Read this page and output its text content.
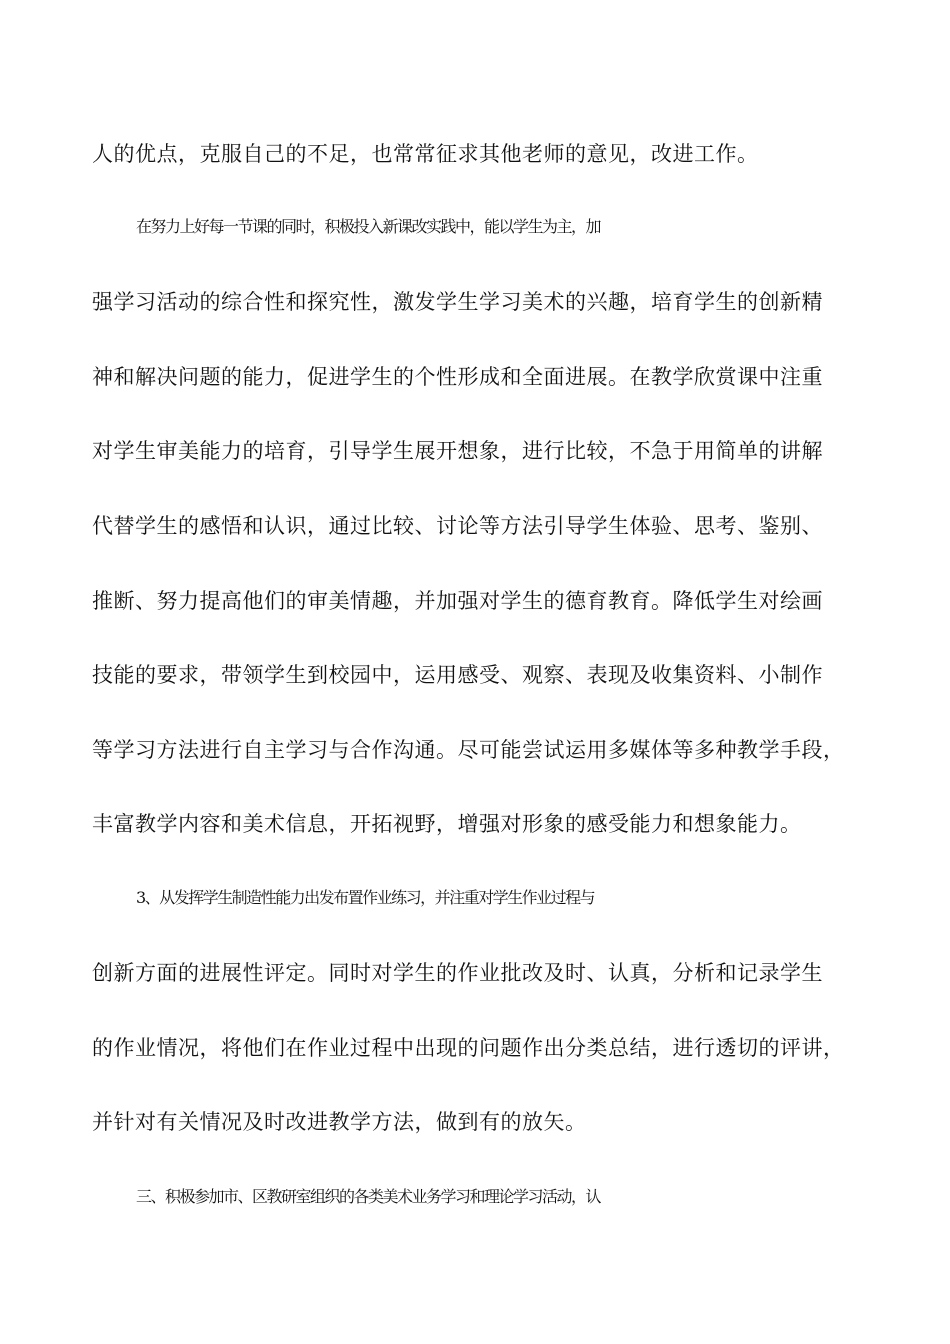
人的优点，克服自己的不足，也常常征求其他老师的意见，改进工作。
在努力上好每一节课的同时，积极投入新课改实践中，能以学生为主，加
强学习活动的综合性和探究性，激发学生学习美术的兴趣，培育学生的创新精
神和解决问题的能力，促进学生的个性形成和全面进展。在教学欣赏课中注重
对学生审美能力的培育，引导学生展开想象，进行比较，不急于用简单的讲解
代替学生的感悟和认识，通过比较、讨论等方法引导学生体验、思考、鉴别、
推断、努力提高他们的审美情趣，并加强对学生的德育教育。降低学生对绘画
技能的要求，带领学生到校园中，运用感受、观察、表现及收集资料、小制作
等学习方法进行自主学习与合作沟通。尽可能尝试运用多媒体等多种教学手段，
丰富教学内容和美术信息，开拓视野，增强对形象的感受能力和想象能力。
3、从发挥学生制造性能力出发布置作业练习，并注重对学生作业过程与
创新方面的进展性评定。同时对学生的作业批改及时、认真，分析和记录学生
的作业情况，将他们在作业过程中出现的问题作出分类总结，进行透切的评讲，
并针对有关情况及时改进教学方法，做到有的放矢。
三、积极参加市、区教研室组织的各类美术业务学习和理论学习活动，认
